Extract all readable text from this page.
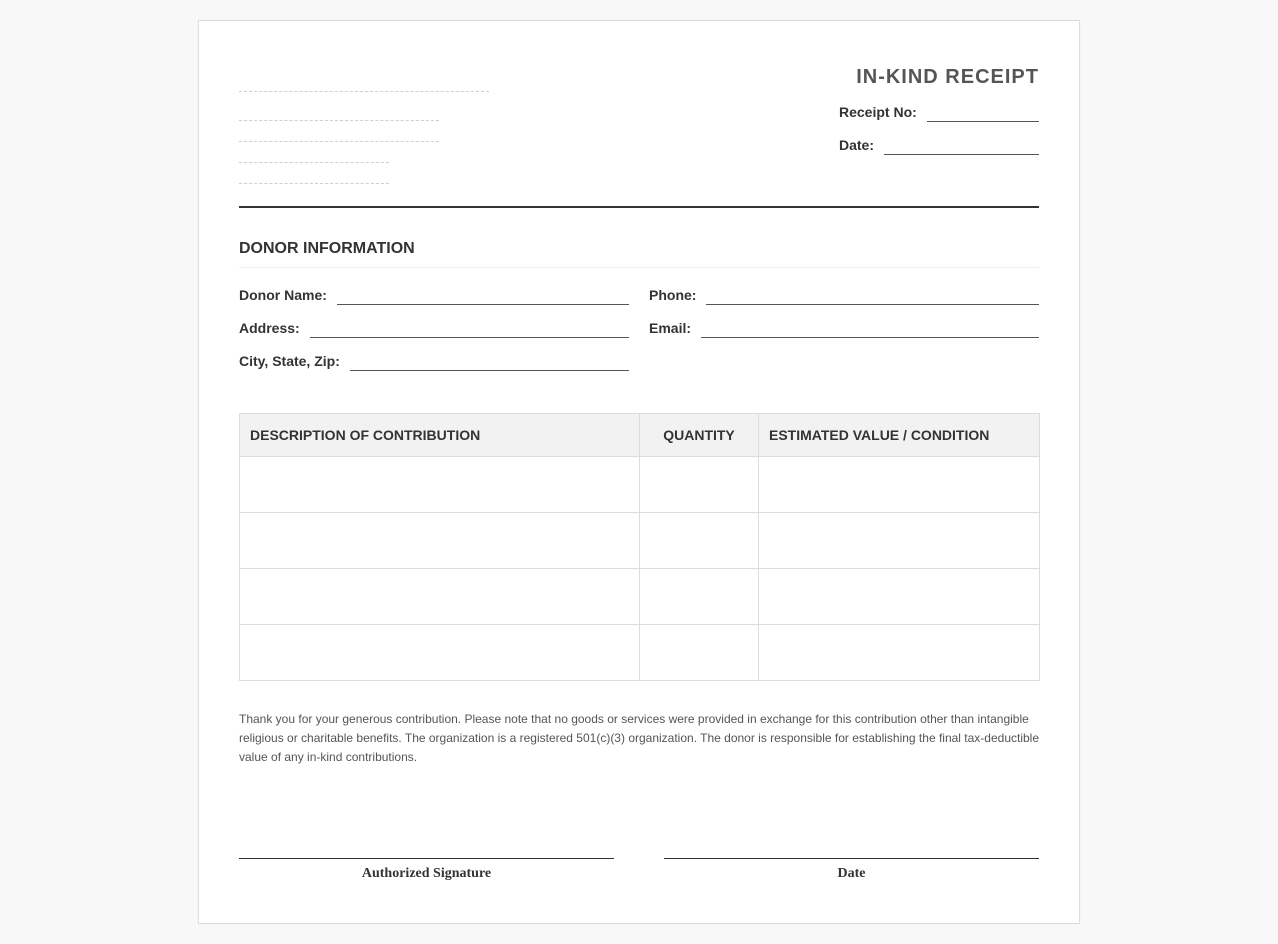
IN-KIND RECEIPT
Receipt No:
Date:
DONOR INFORMATION
Donor Name:	Phone:
Address:	Email:
City, State, Zip:
DESCRIPTION OF CONTRIBUTION	QUANTITY	ESTIMATED VALUE / CONDITION

Thank you for your generous contribution. Please note that no goods or services were provided in exchange for this contribution other than intangible religious or charitable benefits. The organization is a registered 501(c)(3) organization. The donor is responsible for establishing the final tax-deductible value of any in-kind contributions.

Authorized Signature	Date
